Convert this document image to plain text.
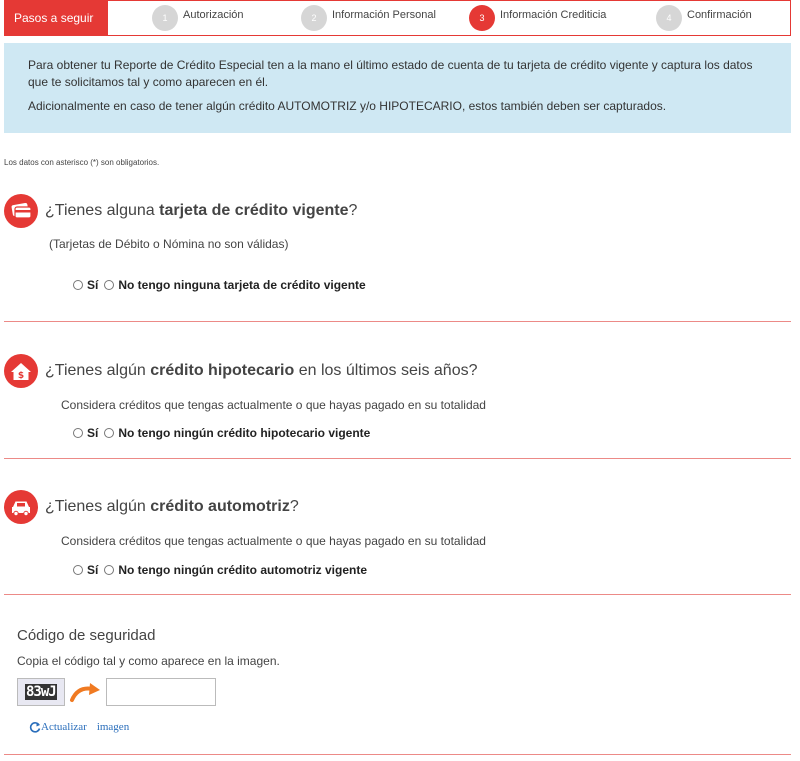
Pasos a seguir	1	Autorización	2	Información Personal	3	Información Crediticia	4	Confirmación

Para obtener tu Reporte de Crédito Especial ten a la mano el último estado de cuenta de tu tarjeta de crédito vigente y captura los datos que te solicitamos tal y como aparecen en él.

Adicionalmente en caso de tener algún crédito AUTOMOTRIZ y/o HIPOTECARIO, estos también deben ser capturados.

Los datos con asterisco (*) son obligatorios.
¿Tienes alguna tarjeta de crédito vigente?
(Tarjetas de Débito o Nómina no son válidas)
Sí No tengo ninguna tarjeta de crédito vigente
$ ¿Tienes algún crédito hipotecario en los últimos seis años?
Considera créditos que tengas actualmente o que hayas pagado en su totalidad
Sí No tengo ningún crédito hipotecario vigente
¿Tienes algún crédito automotriz?
Considera créditos que tengas actualmente o que hayas pagado en su totalidad
Sí No tengo ningún crédito automotriz vigente
Código de seguridad
Copia el código tal y como aparece en la imagen.
83wJ
Actualizar imagen
